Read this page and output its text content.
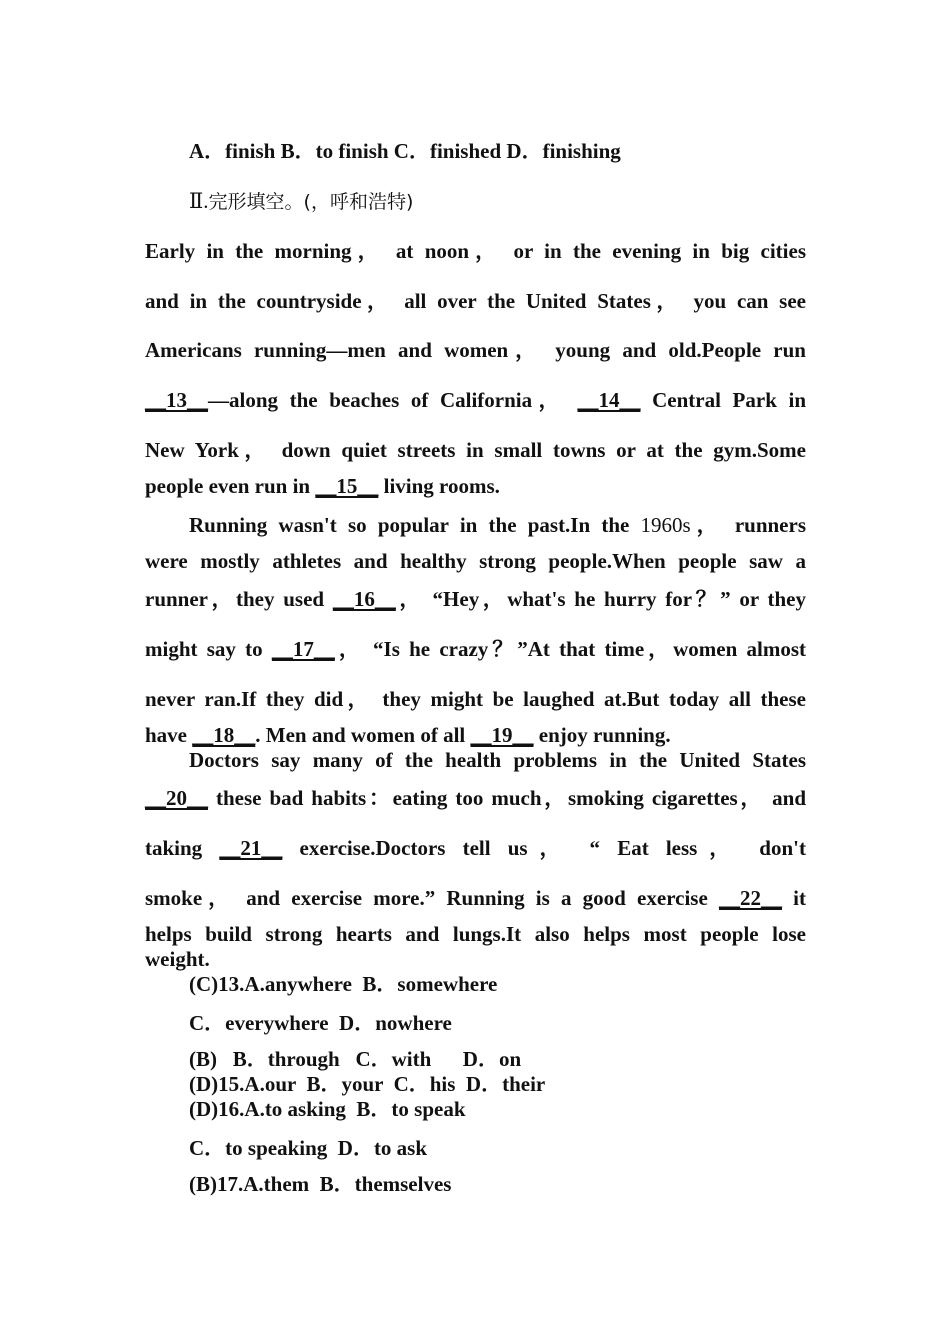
A．finish B．to finish C．finished D．finishing
Ⅱ.完形填空。(，呼和浩特)
Early in the morning， at noon， or in the evening in big cities
and in the countryside， all over the United States， you can see
Americans running—men and women， young and old.People run
__13__—along the beaches of California， __14__ Central Park in
New York， down quiet streets in small towns or at the gym.Some
people even run in __15__ living rooms.
Running wasn't so popular in the past.In the 1960s， runners
were mostly athletes and healthy strong people.When people saw a
runner，they used __16__， “Hey，what's he hurry for？” or they
might say to __17__， “Is he crazy？”At that time，women almost
never ran.If they did， they might be laughed at.But today all these
have __18__. Men and women of all __19__ enjoy running.
Doctors say many of the health problems in the United States
__20__ these bad habits：eating too much，smoking cigarettes， and
taking __21__ exercise.Doctors tell us， “ Eat less， don't
smoke， and exercise more.” Running is a good exercise __22__ it
helps build strong hearts and lungs.It also helps most people lose
weight.
(C)13.A.anywhere  B．somewhere
C．everywhere  D．nowhere
(B)   B．through   C．with      D．on
(D)15.A.our  B．your  C．his  D．their
(D)16.A.to asking  B．to speak
C．to speaking  D．to ask
(B)17.A.them  B．themselves
